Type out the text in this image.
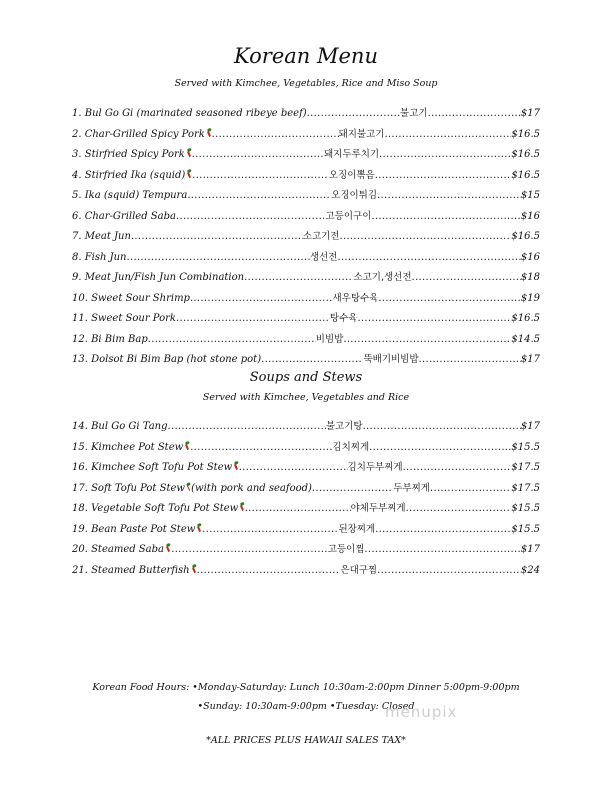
Korean Menu
Served with Kimchee, Vegetables, Rice and Miso Soup
1. Bul Go Gi (marinated seasoned ribeye beef) .....	불고기 .....	$17
2. Char-Grilled Spicy Pork .....	돼지불고기 .....	$16.5
3. Stirfried Spicy Pork .....	돼지두루치기 .....	$16.5
4. Stirfried Ika (squid) .....	오징이뽂음 .....	$16.5
5. Ika (squid) Tempura .....	오징이튀김 .....	$15
6. Char-Grilled Saba .....	고등이구이 .....	$16
7. Meat Jun .....	소고기전 .....	$16.5
8. Fish Jun .....	생선전 .....	$16
9. Meat Jun/Fish Jun Combination .....	소고기,생선전 .....	$18
10. Sweet Sour Shrimp .....	새우탕수육 .....	$19
11. Sweet Sour Pork .....	탕수육 .....	$16.5
12. Bi Bim Bap .....	비빔밥 .....	$14.5
13. Dolsot Bi Bim Bap (hot stone pot) .....	뚝배기비빔밥 .....	$17
Soups and Stews
Served with Kimchee, Vegetables and Rice
14. Bul Go Gi Tang .....	불고기탕 .....	$17
15. Kimchee Pot Stew .....	김치찌게 .....	$15.5
16. Kimchee Soft Tofu Pot Stew .....	김치두부찌게 .....	$17.5
17. Soft Tofu Pot Stew (with pork and seafood) .....	두부찌게 .....	$17.5
18. Vegetable Soft Tofu Pot Stew .....	야체두부찌게 .....	$15.5
19. Bean Paste Pot Stew .....	된장찌게 .....	$15.5
20. Steamed Saba .....	고등이찜 .....	$17
21. Steamed Butterfish .....	은대구찜 .....	$24
Korean Food Hours: •Monday-Saturday: Lunch 10:30am-2:00pm Dinner 5:00pm-9:00pm
•Sunday: 10:30am-9:00pm •Tuesday: Closed
menupix
*ALL PRICES PLUS HAWAII SALES TAX*
